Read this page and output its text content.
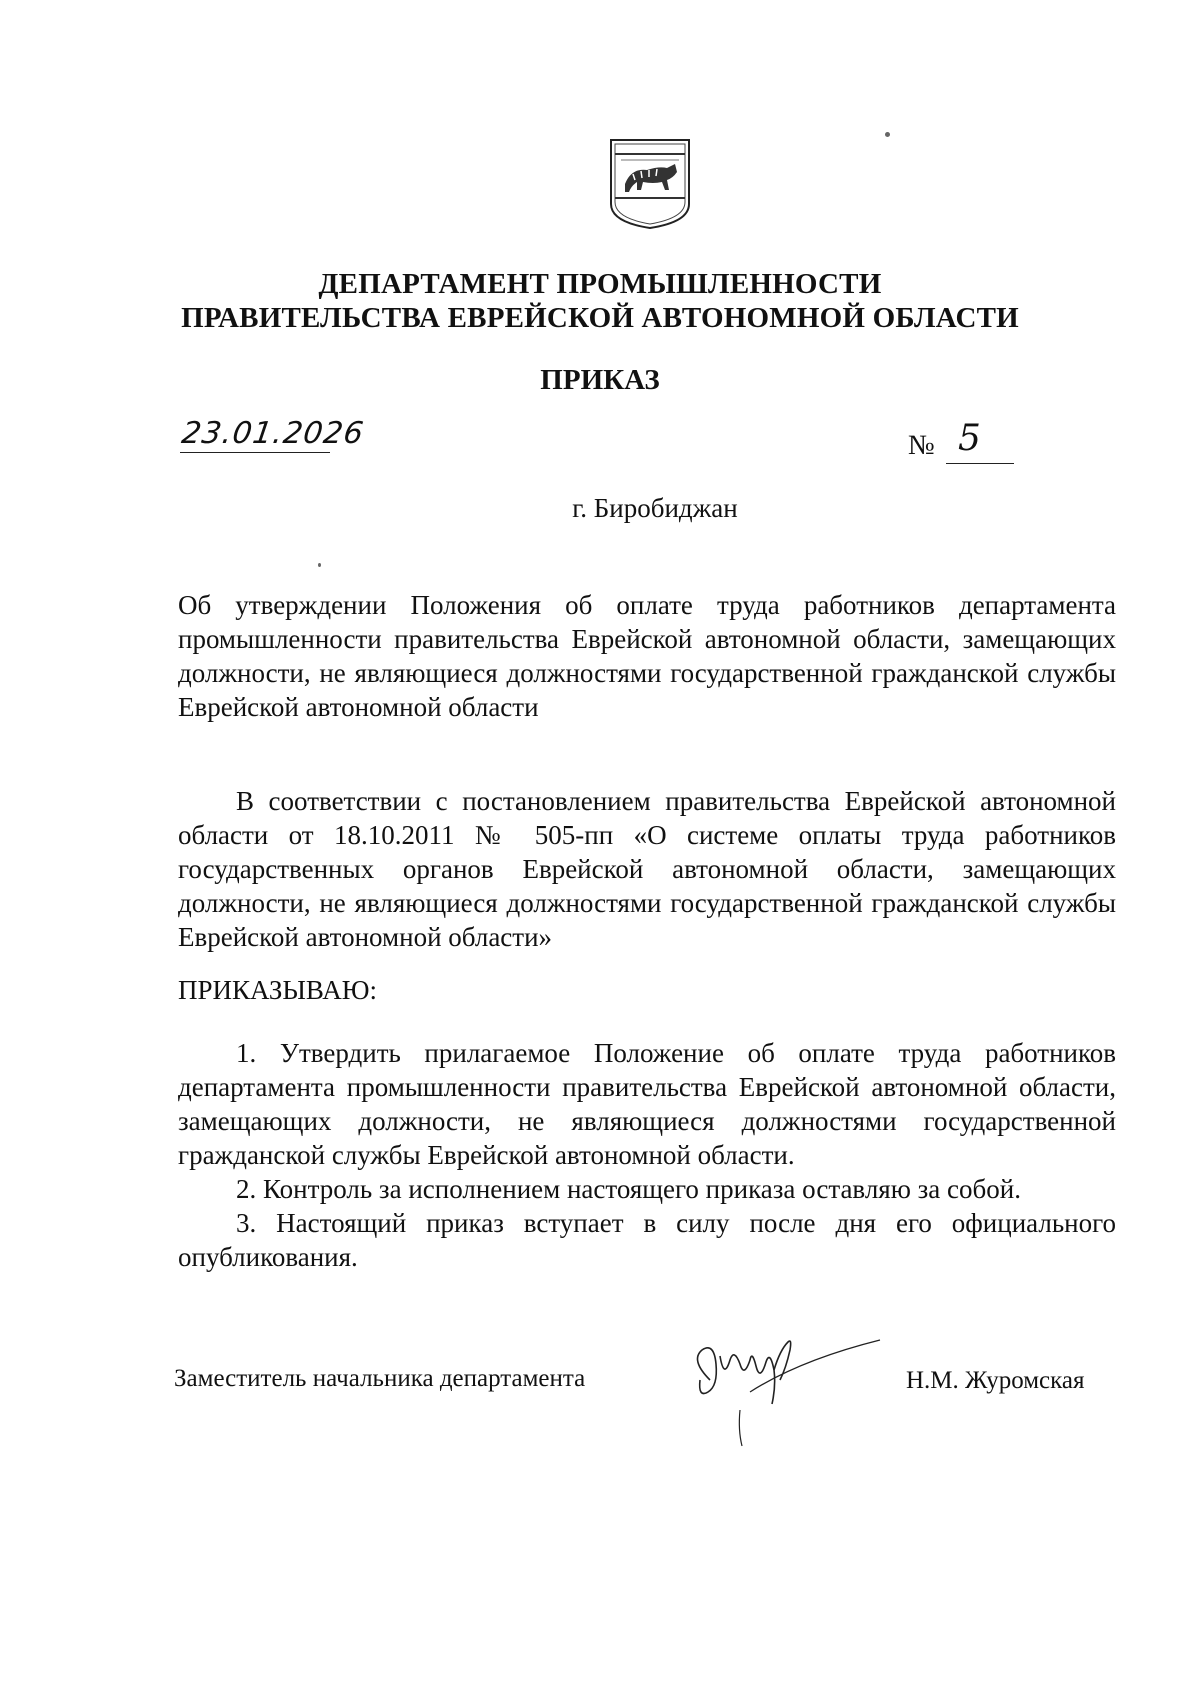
ДЕПАРТАМЕНТ ПРОМЫШЛЕННОСТИ
ПРАВИТЕЛЬСТВА ЕВРЕЙСКОЙ АВТОНОМНОЙ ОБЛАСТИ
ПРИКАЗ
23.01.2026	№ 5
г. Биробиджан
Об утверждении Положения об оплате труда работников департамента промышленности правительства Еврейской автономной области, замещающих должности, не являющиеся должностями государственной гражданской службы Еврейской автономной области
В соответствии с постановлением правительства Еврейской автономной области от 18.10.2011 № 505-пп «О системе оплаты труда работников государственных органов Еврейской автономной области, замещающих должности, не являющиеся должностями государственной гражданской службы Еврейской автономной области»
ПРИКАЗЫВАЮ:

1. Утвердить прилагаемое Положение об оплате труда работников департамента промышленности правительства Еврейской автономной области, замещающих должности, не являющиеся должностями государственной гражданской службы Еврейской автономной области.

2. Контроль за исполнением настоящего приказа оставляю за собой.

3. Настоящий приказ вступает в силу после дня его официального опубликования.

Заместитель начальника департамента	Н.М. Журомская
